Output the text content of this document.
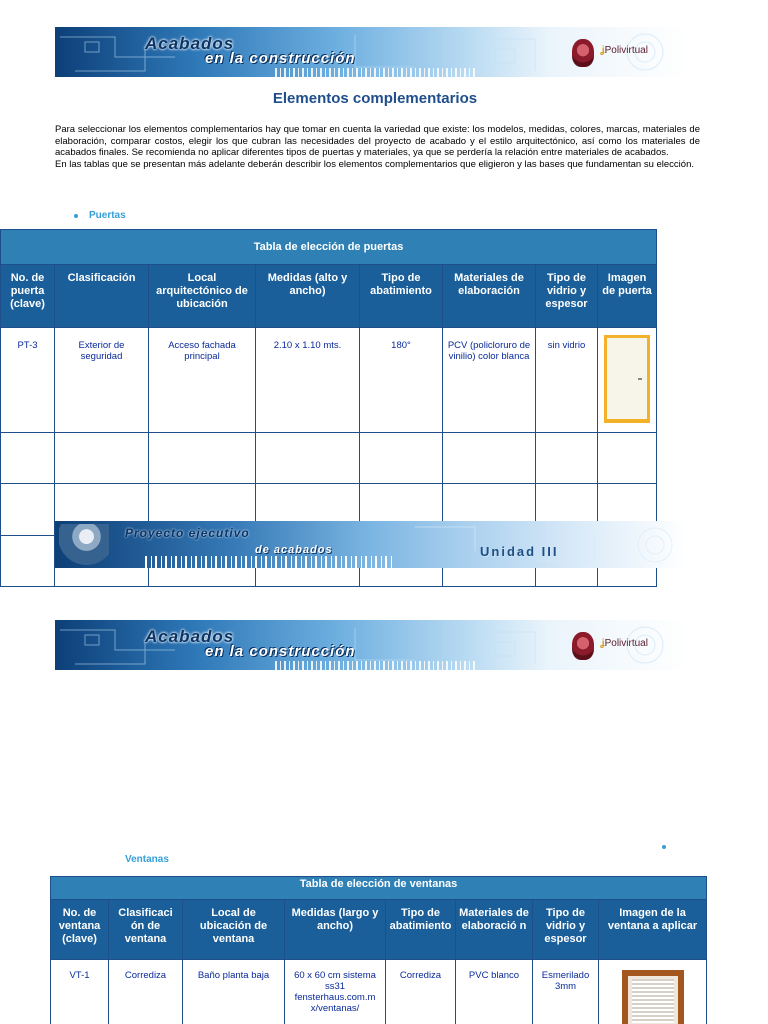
Acabados
en la construcción	ʝPolivirtual
Elementos complementarios

Para seleccionar los elementos complementarios hay que tomar en cuenta la variedad que existe: los modelos, medidas, colores, marcas, materiales de elaboración, comparar costos, elegir los que cubran las necesidades del proyecto de acabado y el estilo arquitectónico, así como los materiales de acabados finales. Se recomienda no aplicar diferentes tipos de puertas y materiales, ya que se perdería la relación entre materiales de acabados.

En las tablas que se presentan más adelante deberán describir los elementos complementarios que eligieron y las bases que fundamentan su elección.

Puertas
Tabla de elección de puertas							
No. de puerta (clave)	Clasificación	Local arquitectónico de ubicación	Medidas (alto y ancho)	Tipo de abatimiento	Materiales de elaboración	Tipo de vidrio y espesor	Imagen de puerta
PT-3	Exterior de seguridad	Acceso fachada principal	2.10 x 1.10 mts.	180°	PCV (policloruro de vinilio) color blanca	sin vidrio	

Proyecto ejecutivo
de acabados	Unidad III
Acabados
en la construcción	ʝPolivirtual
Ventanas
Tabla de elección de ventanas							
No. de ventana (clave)	Clasificaci ón de ventana	Local de ubicación de ventana	Medidas (largo y ancho)	Tipo de abatimiento	Materiales de elaboració n	Tipo de vidrio y espesor	Imagen de la ventana a aplicar
VT-1	Corrediza	Baño planta baja	60 x 60 cm sistema ss31 fensterhaus.com.m x/ventanas/	Corrediza	PVC blanco	Esmerilado 3mm	
